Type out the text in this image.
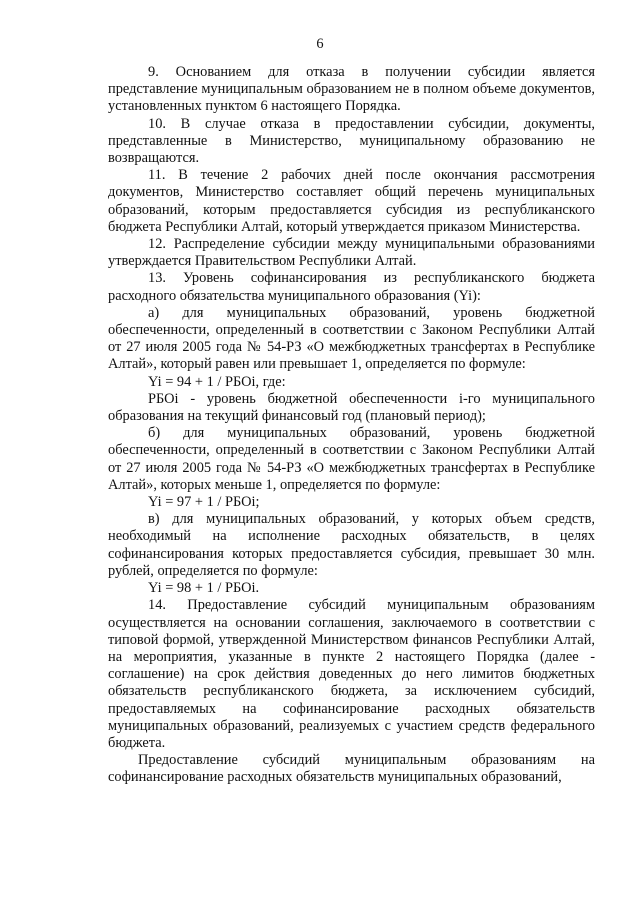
6

9. Основанием для отказа в получении субсидии является представление муниципальным образованием не в полном объеме документов, установленных пунктом 6 настоящего Порядка.

10. В случае отказа в предоставлении субсидии, документы, представленные в Министерство, муниципальному образованию не возвращаются.

11. В течение 2 рабочих дней после окончания рассмотрения документов, Министерство составляет общий перечень муниципальных образований, которым предоставляется субсидия из республиканского бюджета Республики Алтай, который утверждается приказом Министерства.

12. Распределение субсидии между муниципальными образованиями утверждается Правительством Республики Алтай.

13. Уровень софинансирования из республиканского бюджета расходного обязательства муниципального образования (Yi):

а) для муниципальных образований, уровень бюджетной обеспеченности, определенный в соответствии с Законом Республики Алтай от 27 июля 2005 года № 54-РЗ «О межбюджетных трансфертах в Республике Алтай», который равен или превышает 1, определяется по формуле:

Yi = 94 + 1 / РБОi, где:

РБОi - уровень бюджетной обеспеченности i-го муниципального образования на текущий финансовый год (плановый период);

б) для муниципальных образований, уровень бюджетной обеспеченности, определенный в соответствии с Законом Республики Алтай от 27 июля 2005 года № 54-РЗ «О межбюджетных трансфертах в Республике Алтай», которых меньше 1, определяется по формуле:

Yi = 97 + 1 / РБОi;

в) для муниципальных образований, у которых объем средств, необходимый на исполнение расходных обязательств, в целях софинансирования которых предоставляется субсидия, превышает 30 млн. рублей, определяется по формуле:

Yi = 98 + 1 / РБОi.

14. Предоставление субсидий муниципальным образованиям осуществляется на основании соглашения, заключаемого в соответствии с типовой формой, утвержденной Министерством финансов Республики Алтай, на мероприятия, указанные в пункте 2 настоящего Порядка (далее - соглашение) на срок действия доведенных до него лимитов бюджетных обязательств республиканского бюджета, за исключением субсидий, предоставляемых на софинансирование расходных обязательств муниципальных образований, реализуемых с участием средств федерального бюджета.

Предоставление субсидий муниципальным образованиям на софинансирование расходных обязательств муниципальных образований,
